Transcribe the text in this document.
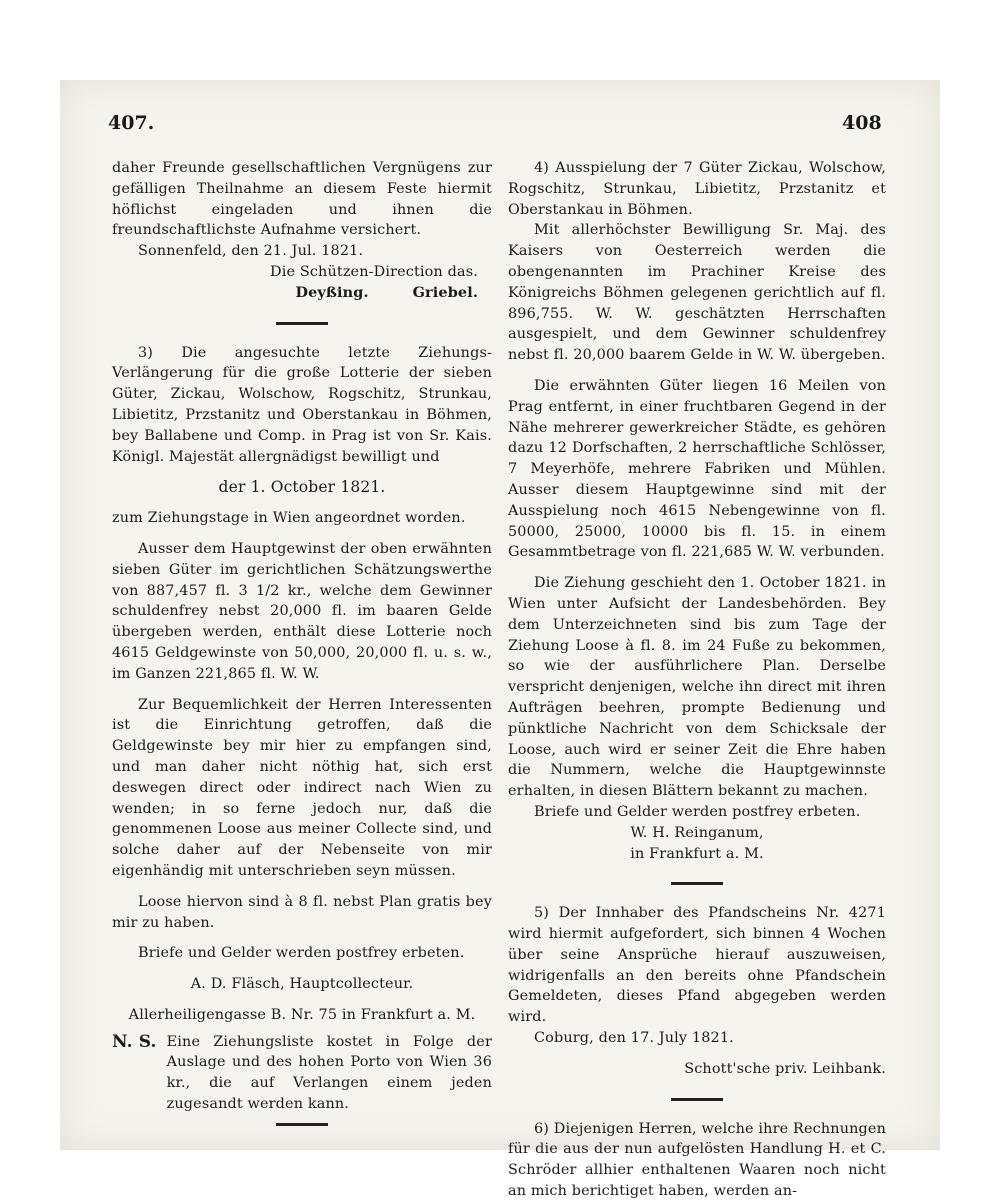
407.	408

daher Freunde gesellschaftlichen Vergnügens zur gefälligen Theilnahme an diesem Feste hiermit höflichst eingeladen und ihnen die freundschaftlichste Aufnahme versichert.

Sonnenfeld, den 21. Jul. 1821.

Die Schützen-Direction das.

Deyßing.	Griebel.

3) Die angesuchte letzte Ziehungs-Verlängerung für die große Lotterie der sieben Güter, Zickau, Wolschow, Rogschitz, Strunkau, Libietitz, Przstanitz und Oberstankau in Böhmen, bey Ballabene und Comp. in Prag ist von Sr. Kais. Königl. Majestät allergnädigst bewilligt und

der 1. October 1821.

zum Ziehungstage in Wien angeordnet worden.

Ausser dem Hauptgewinst der oben erwähnten sieben Güter im gerichtlichen Schätzungswerthe von 887,457 fl. 3 1/2 kr., welche dem Gewinner schuldenfrey nebst 20,000 fl. im baaren Gelde übergeben werden, enthält diese Lotterie noch 4615 Geldgewinste von 50,000, 20,000 fl. u. s. w., im Ganzen 221,865 fl. W. W.

Zur Bequemlichkeit der Herren Interessenten ist die Einrichtung getroffen, daß die Geldgewinste bey mir hier zu empfangen sind, und man daher nicht nöthig hat, sich erst deswegen direct oder indirect nach Wien zu wenden; in so ferne jedoch nur, daß die genommenen Loose aus meiner Collecte sind, und solche daher auf der Nebenseite von mir eigenhändig mit unterschrieben seyn müssen.

Loose hiervon sind à 8 fl. nebst Plan gratis bey mir zu haben.

Briefe und Gelder werden postfrey erbeten.

A. D. Fläsch, Hauptcollecteur.

Allerheiligengasse B. Nr. 75 in Frankfurt a. M.

N. S. Eine Ziehungsliste kostet in Folge der Auslage und des hohen Porto von Wien 36 kr., die auf Verlangen einem jeden zugesandt werden kann.

4) Ausspielung der 7 Güter Zickau, Wolschow, Rogschitz, Strunkau, Libietitz, Przstanitz et Oberstankau in Böhmen.

Mit allerhöchster Bewilligung Sr. Maj. des Kaisers von Oesterreich werden die obengenannten im Prachiner Kreise des Königreichs Böhmen gelegenen gerichtlich auf fl. 896,755. W. W. geschätzten Herrschaften ausgespielt, und dem Gewinner schuldenfrey nebst fl. 20,000 baarem Gelde in W. W. übergeben.

Die erwähnten Güter liegen 16 Meilen von Prag entfernt, in einer fruchtbaren Gegend in der Nähe mehrerer gewerkreicher Städte, es gehören dazu 12 Dorfschaften, 2 herrschaftliche Schlösser, 7 Meyerhöfe, mehrere Fabriken und Mühlen. Ausser diesem Hauptgewinne sind mit der Ausspielung noch 4615 Nebengewinne von fl. 50000, 25000, 10000 bis fl. 15. in einem Gesammtbetrage von fl. 221,685 W. W. verbunden.

Die Ziehung geschieht den 1. October 1821. in Wien unter Aufsicht der Landesbehörden. Bey dem Unterzeichneten sind bis zum Tage der Ziehung Loose à fl. 8. im 24 Fuße zu bekommen, so wie der ausführlichere Plan. Derselbe verspricht denjenigen, welche ihn direct mit ihren Aufträgen beehren, prompte Bedienung und pünktliche Nachricht von dem Schicksale der Loose, auch wird er seiner Zeit die Ehre haben die Nummern, welche die Hauptgewinnste erhalten, in diesen Blättern bekannt zu machen.

Briefe und Gelder werden postfrey erbeten.

W. H. Reinganum,

in Frankfurt a. M.

5) Der Innhaber des Pfandscheins Nr. 4271 wird hiermit aufgefordert, sich binnen 4 Wochen über seine Ansprüche hierauf auszuweisen, widrigenfalls an den bereits ohne Pfandschein Gemeldeten, dieses Pfand abgegeben werden wird.

Coburg, den 17. July 1821.

Schott'sche priv. Leihbank.

6) Diejenigen Herren, welche ihre Rechnungen für die aus der nun aufgelösten Handlung H. et C. Schröder allhier enthaltenen Waaren noch nicht an mich berichtiget haben, werden an-
